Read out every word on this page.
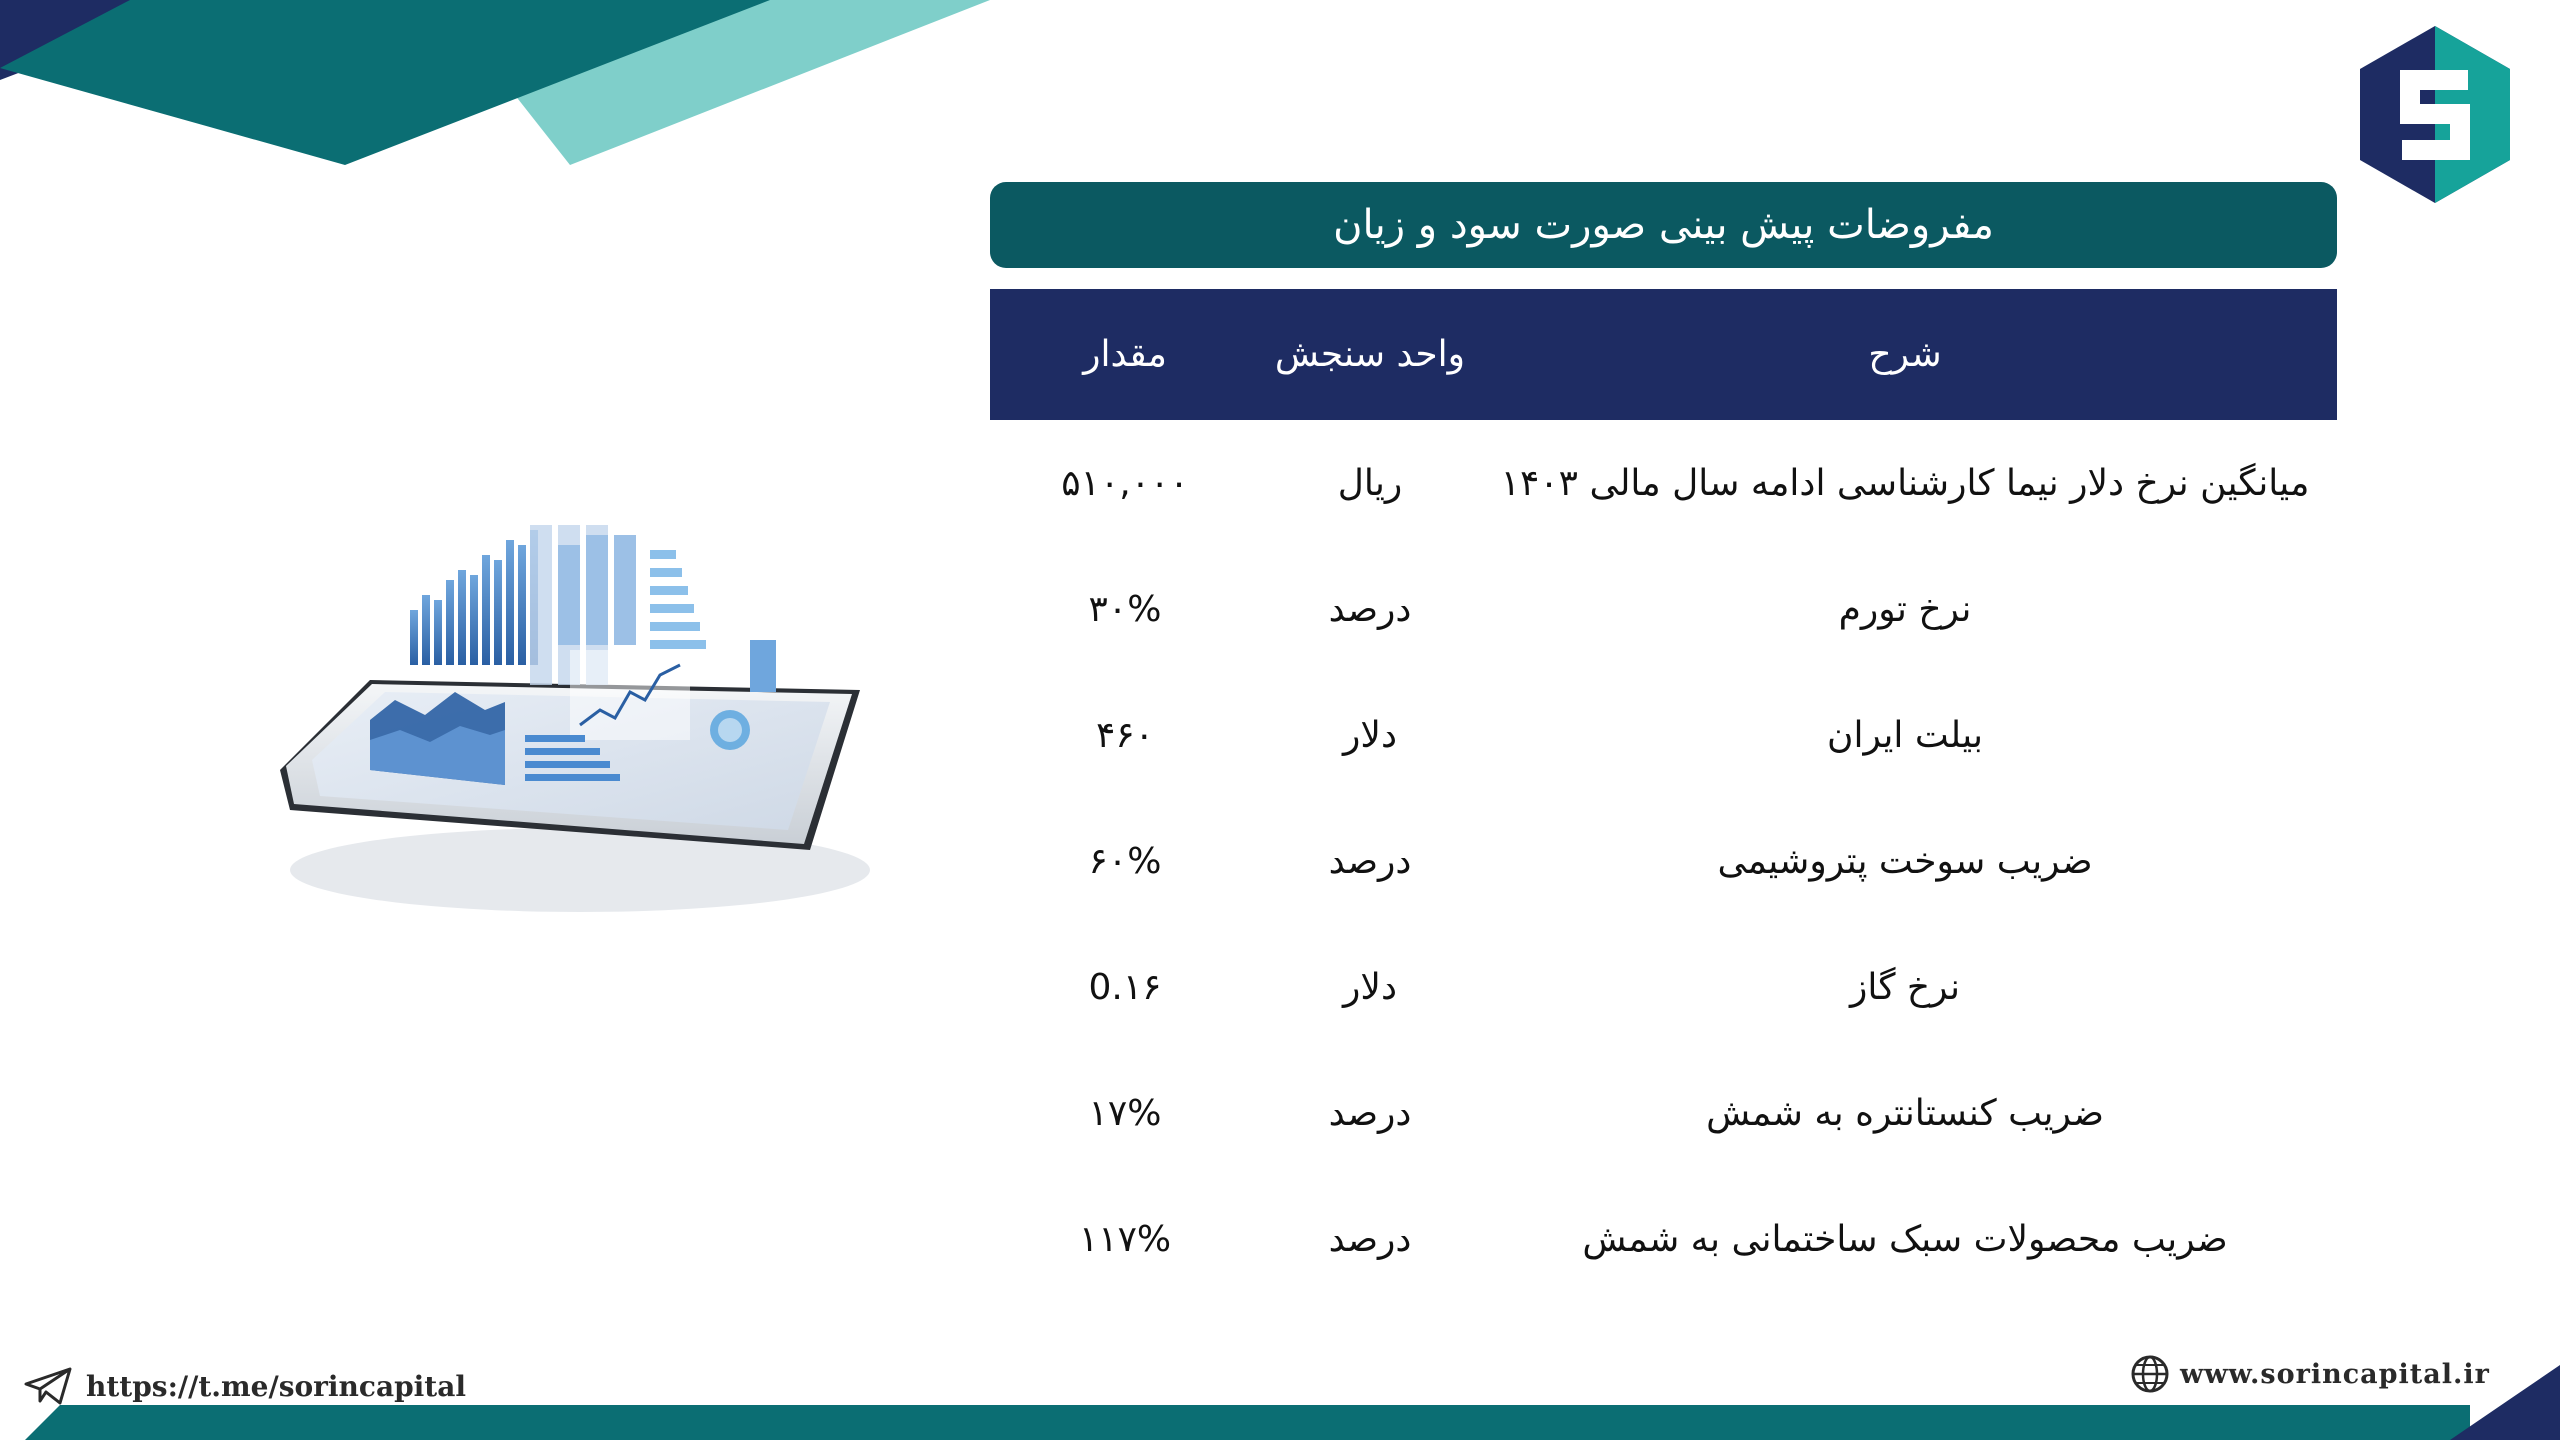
مفروضات پیش بینی صورت سود و زیان
شرح
واحد سنجش
مقدار
میانگین نرخ دلار نیما کارشناسی ادامه سال مالی ۱۴۰۳
ریال
۵۱۰,۰۰۰
نرخ تورم
درصد
۳۰%
بیلت ایران
دلار
۴۶۰
ضریب سوخت پتروشیمی
درصد
۶۰%
نرخ گاز
دلار
0.۱۶
ضریب کنستانتره به شمش
درصد
۱۷%
ضریب محصولات سبک ساختمانی به شمش
درصد
۱۱۷%
https://t.me/sorincapital	www.sorincapital.ir
